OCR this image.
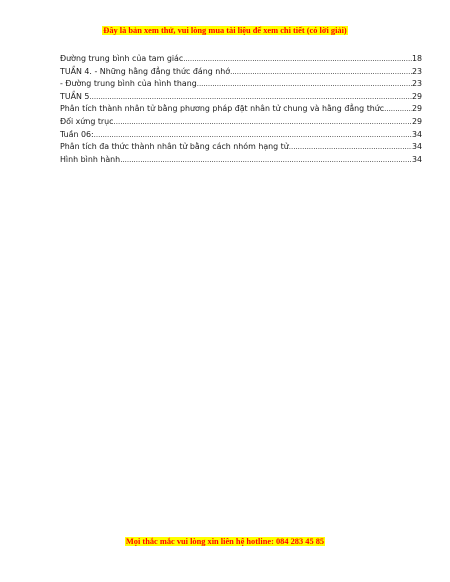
Đây là bản xem thử, vui lòng mua tài liệu để xem chi tiết (có lời giải)
Đường trung bình của tam giác .....	18
TUẦN 4. - Những hằng đẳng thức đáng nhớ .....	23
- Đường trung bình của hình thang .....	23
TUẦN 5 .....	29
Phân tích thành nhân tử bằng phương pháp đặt nhân tử chung và hằng đẳng thức .....	29
Đối xứng trục .....	29
Tuần 06: .....	34
Phân tích đa thức thành nhân tử bằng cách nhóm hạng tử .....	34
Hình bình hành .....	34
Mọi thắc mắc vui lòng xin liên hệ hotline: 084 283 45 85
